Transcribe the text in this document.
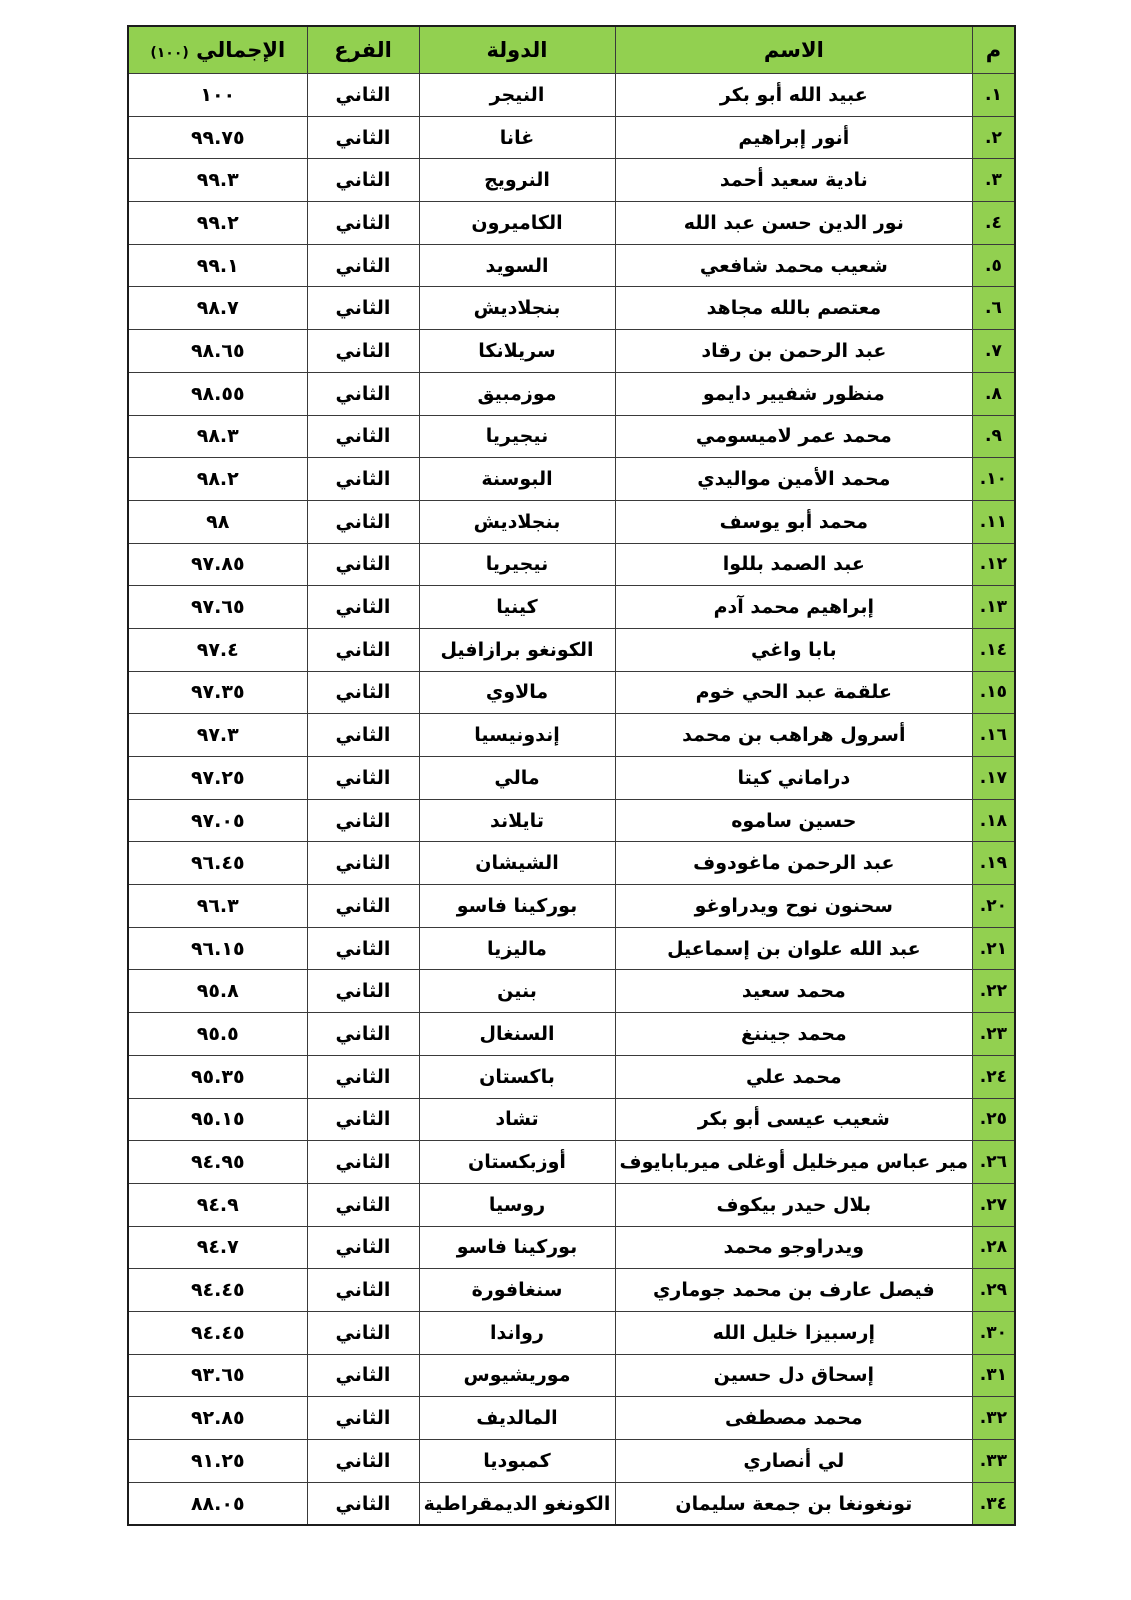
م	الاسم	الدولة	الفرع	الإجمالي (١٠٠)
١.	عبيد الله أبو بكر	النيجر	الثاني	١٠٠
٢.	أنور إبراهيم	غانا	الثاني	٩٩.٧٥
٣.	نادية سعيد أحمد	النرويج	الثاني	٩٩.٣
٤.	نور الدين حسن عبد الله	الكاميرون	الثاني	٩٩.٢
٥.	شعيب محمد شافعي	السويد	الثاني	٩٩.١
٦.	معتصم بالله مجاهد	بنجلاديش	الثاني	٩٨.٧
٧.	عبد الرحمن بن رقاد	سريلانكا	الثاني	٩٨.٦٥
٨.	منظور شفيير دايمو	موزمبيق	الثاني	٩٨.٥٥
٩.	محمد عمر لاميسومي	نيجيريا	الثاني	٩٨.٣
١٠.	محمد الأمين مواليدي	البوسنة	الثاني	٩٨.٢
١١.	محمد أبو يوسف	بنجلاديش	الثاني	٩٨
١٢.	عبد الصمد بللوا	نيجيريا	الثاني	٩٧.٨٥
١٣.	إبراهيم محمد آدم	كينيا	الثاني	٩٧.٦٥
١٤.	بابا واغي	الكونغو برازافيل	الثاني	٩٧.٤
١٥.	علقمة عبد الحي خوم	مالاوي	الثاني	٩٧.٣٥
١٦.	أسرول هراهب بن محمد	إندونيسيا	الثاني	٩٧.٣
١٧.	دراماني كيتا	مالي	الثاني	٩٧.٢٥
١٨.	حسين ساموه	تايلاند	الثاني	٩٧.٠٥
١٩.	عبد الرحمن ماغودوف	الشيشان	الثاني	٩٦.٤٥
٢٠.	سحنون نوح ويدراوغو	بوركينا فاسو	الثاني	٩٦.٣
٢١.	عبد الله علوان بن إسماعيل	ماليزيا	الثاني	٩٦.١٥
٢٢.	محمد سعيد	بنين	الثاني	٩٥.٨
٢٣.	محمد جيننغ	السنغال	الثاني	٩٥.٥
٢٤.	محمد علي	باكستان	الثاني	٩٥.٣٥
٢٥.	شعيب عيسى أبو بكر	تشاد	الثاني	٩٥.١٥
٢٦.	مير عباس ميرخليل أوغلى ميربابايوف	أوزبكستان	الثاني	٩٤.٩٥
٢٧.	بلال حيدر بيكوف	روسيا	الثاني	٩٤.٩
٢٨.	ويدراوجو محمد	بوركينا فاسو	الثاني	٩٤.٧
٢٩.	فيصل عارف بن محمد جوماري	سنغافورة	الثاني	٩٤.٤٥
٣٠.	إرسبيزا خليل الله	رواندا	الثاني	٩٤.٤٥
٣١.	إسحاق دل حسين	موريشيوس	الثاني	٩٣.٦٥
٣٢.	محمد مصطفى	المالديف	الثاني	٩٢.٨٥
٣٣.	لي أنصاري	كمبوديا	الثاني	٩١.٢٥
٣٤.	تونغونغا بن جمعة سليمان	الكونغو الديمقراطية	الثاني	٨٨.٠٥
